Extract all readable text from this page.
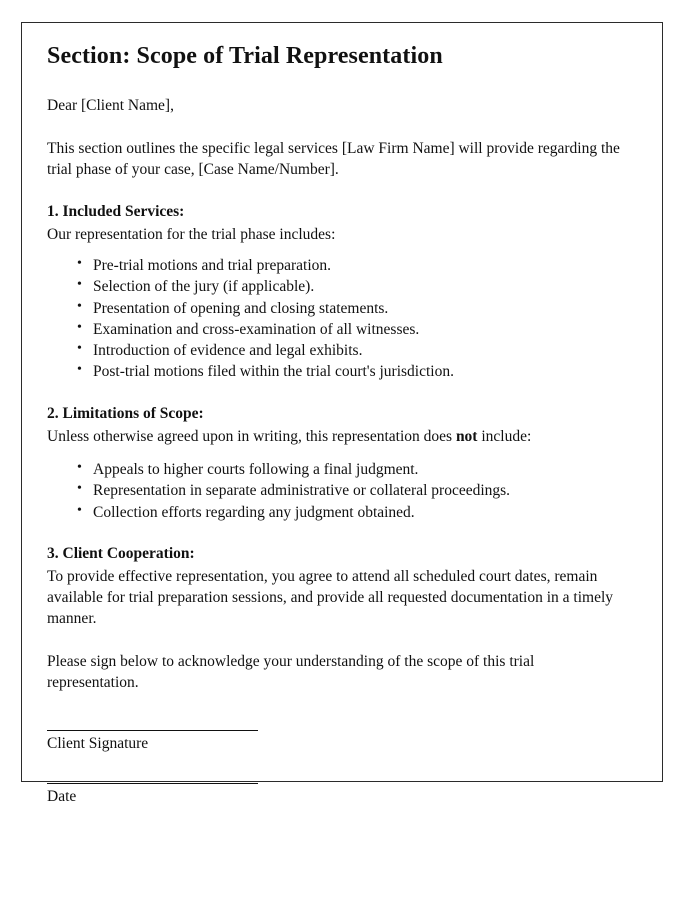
Section: Scope of Trial Representation

Dear [Client Name],

This section outlines the specific legal services [Law Firm Name] will provide regarding the trial phase of your case, [Case Name/Number].

1. Included Services:
Our representation for the trial phase includes:
• Pre-trial motions and trial preparation.
• Selection of the jury (if applicable).
• Presentation of opening and closing statements.
• Examination and cross-examination of all witnesses.
• Introduction of evidence and legal exhibits.
• Post-trial motions filed within the trial court's jurisdiction.
2. Limitations of Scope:
Unless otherwise agreed upon in writing, this representation does not include:
• Appeals to higher courts following a final judgment.
• Representation in separate administrative or collateral proceedings.
• Collection efforts regarding any judgment obtained.
3. Client Cooperation:

To provide effective representation, you agree to attend all scheduled court dates, remain available for trial preparation sessions, and provide all requested documentation in a timely manner.

Please sign below to acknowledge your understanding of the scope of this trial representation.

Client Signature
Date
